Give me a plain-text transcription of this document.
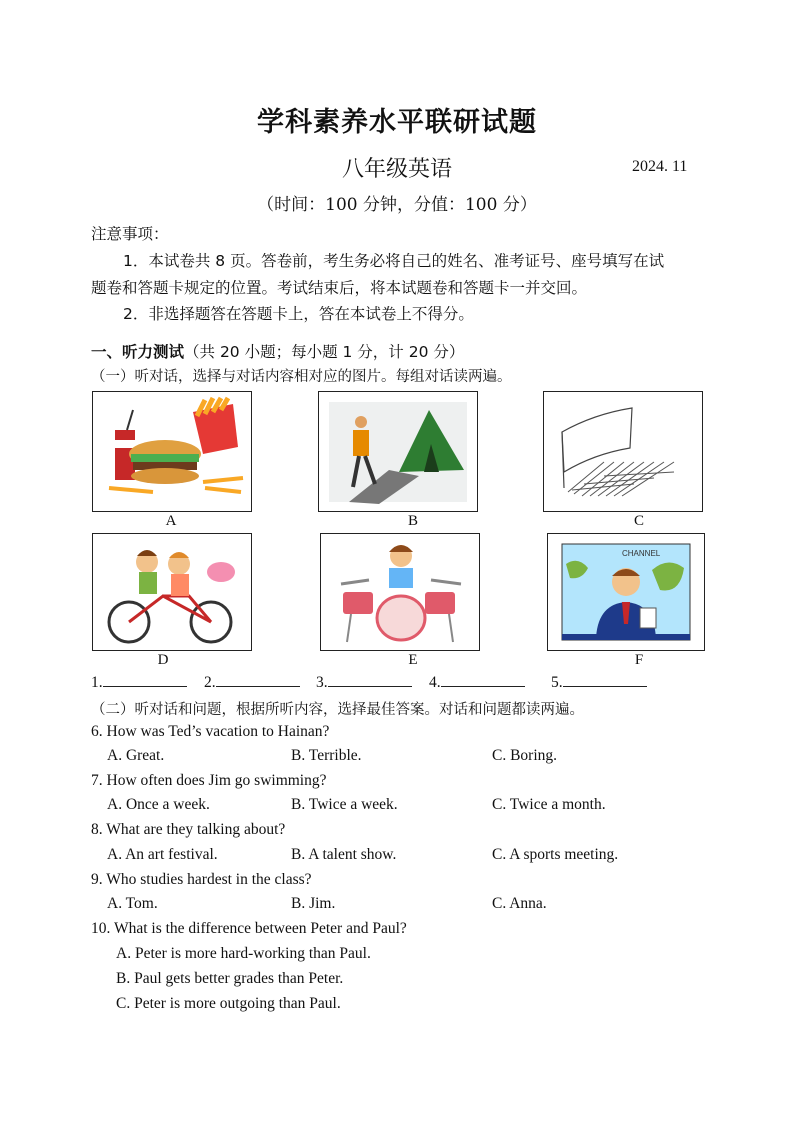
学科素养水平联研试题
八年级英语	2024. 11
（时间：100 分钟，分值：100 分）
注意事项：
1．本试卷共 8 页。答卷前，考生务必将自己的姓名、准考证号、座号填写在试
题卷和答题卡规定的位置。考试结束后，将本试题卷和答题卡一并交回。
2．非选择题答在答题卡上，答在本试卷上不得分。
一、听力测试（共 20 小题；每小题 1 分，计 20 分）
（一）听对话，选择与对话内容相对应的图片。每组对话读两遍。
A	B	C
D	E
CHANNEL
F
1.	2.	3.	4.	5.
（二）听对话和问题，根据所听内容，选择最佳答案。对话和问题都读两遍。
6. How was Ted’s vacation to Hainan?
A. Great.	B. Terrible.	C. Boring.
7. How often does Jim go swimming?
A. Once a week.	B. Twice a week.	C. Twice a month.
8. What are they talking about?
A. An art festival.	B. A talent show.	C. A sports meeting.
9. Who studies hardest in the class?
A. Tom.	B. Jim.	C. Anna.
10. What is the difference between Peter and Paul?
A. Peter is more hard-working than Paul.
B. Paul gets better grades than Peter.
C. Peter is more outgoing than Paul.
